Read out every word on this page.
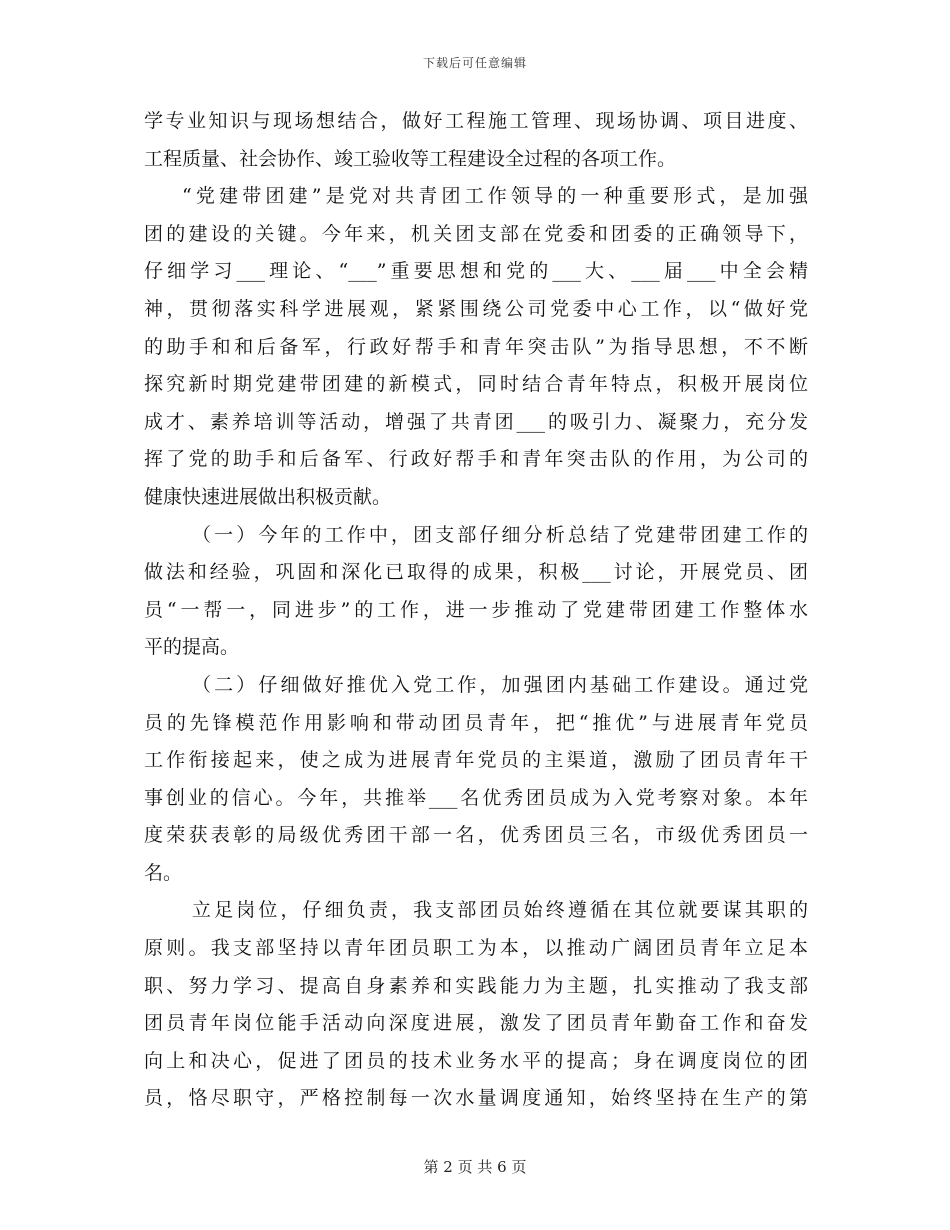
下载后可任意编辑
学专业知识与现场想结合，做好工程施工管理、现场协调、项目进度、
工程质量、社会协作、竣工验收等工程建设全过程的各项工作。
“党建带团建”是党对共青团工作领导的一种重要形式，是加强
团的建设的关键。今年来，机关团支部在党委和团委的正确领导下，
仔细学习___理论、“___”重要思想和党的___大、___届___中全会精
神，贯彻落实科学进展观，紧紧围绕公司党委中心工作，以“做好党
的助手和和后备军，行政好帮手和青年突击队”为指导思想，不不断
探究新时期党建带团建的新模式，同时结合青年特点，积极开展岗位
成才、素养培训等活动，增强了共青团___的吸引力、凝聚力，充分发
挥了党的助手和后备军、行政好帮手和青年突击队的作用，为公司的
健康快速进展做出积极贡献。
（一）今年的工作中，团支部仔细分析总结了党建带团建工作的
做法和经验，巩固和深化已取得的成果，积极___讨论，开展党员、团
员“一帮一，同进步”的工作，进一步推动了党建带团建工作整体水
平的提高。
（二）仔细做好推优入党工作，加强团内基础工作建设。通过党
员的先锋模范作用影响和带动团员青年，把“推优”与进展青年党员
工作衔接起来，使之成为进展青年党员的主渠道，激励了团员青年干
事创业的信心。今年，共推举___名优秀团员成为入党考察对象。本年
度荣获表彰的局级优秀团干部一名，优秀团员三名，市级优秀团员一
名。
立足岗位，仔细负责，我支部团员始终遵循在其位就要谋其职的
原则。我支部坚持以青年团员职工为本，以推动广阔团员青年立足本
职、努力学习、提高自身素养和实践能力为主题，扎实推动了我支部
团员青年岗位能手活动向深度进展，激发了团员青年勤奋工作和奋发
向上和决心，促进了团员的技术业务水平的提高；身在调度岗位的团
员，恪尽职守，严格控制每一次水量调度通知，始终坚持在生产的第
第 2 页 共 6 页
